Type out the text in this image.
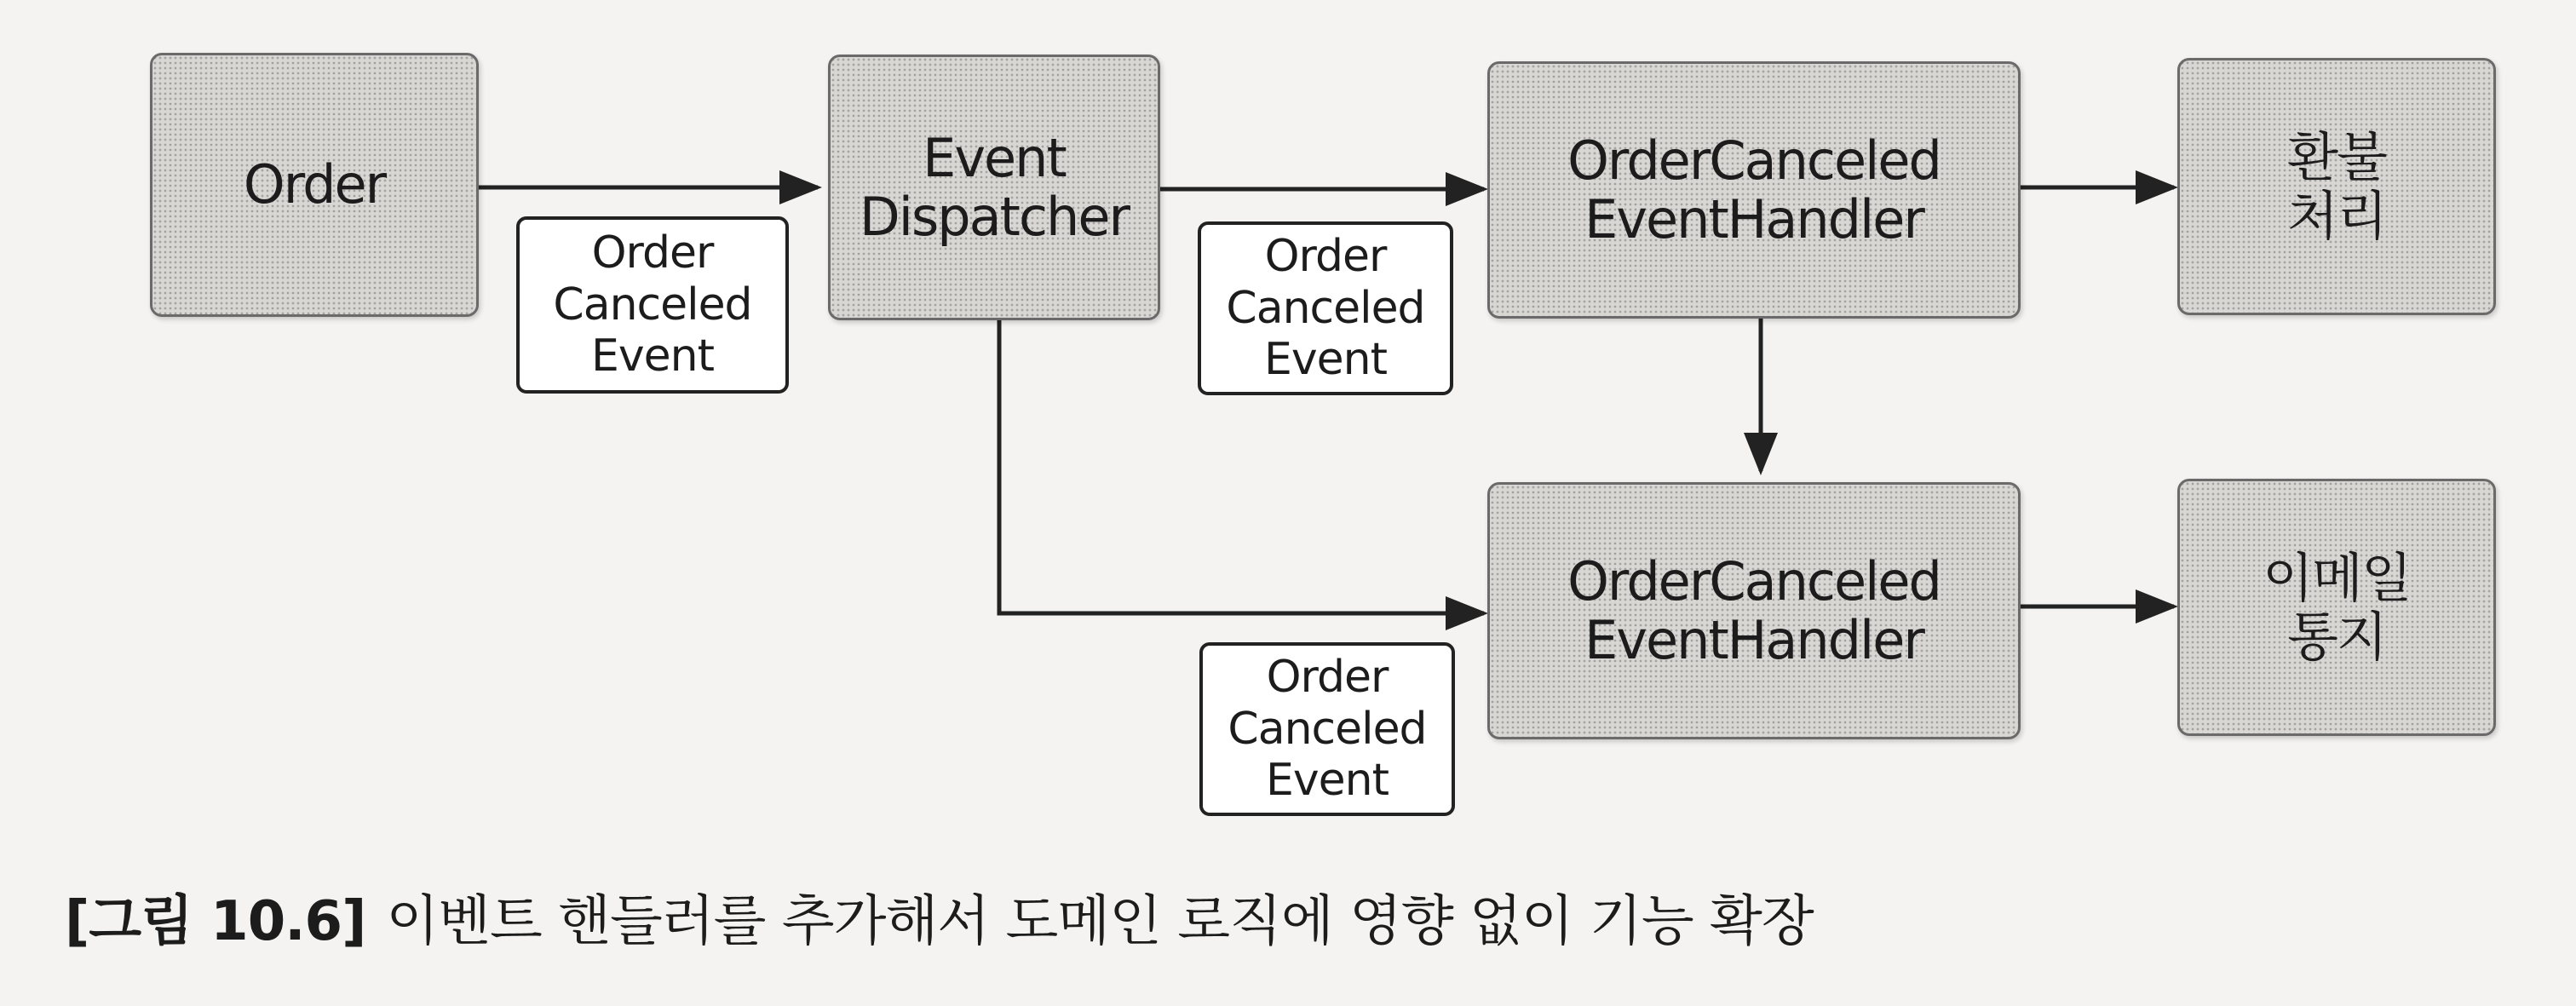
Order	Event
Dispatcher
OrderCanceled
EventHandler
OrderCanceled
EventHandler
환불
처리
이메일
통지
Order
Canceled
Event
Order
Canceled
Event
Order
Canceled
Event
[그림 10.6] 이벤트 핸들러를 추가해서 도메인 로직에 영향 없이 기능 확장
